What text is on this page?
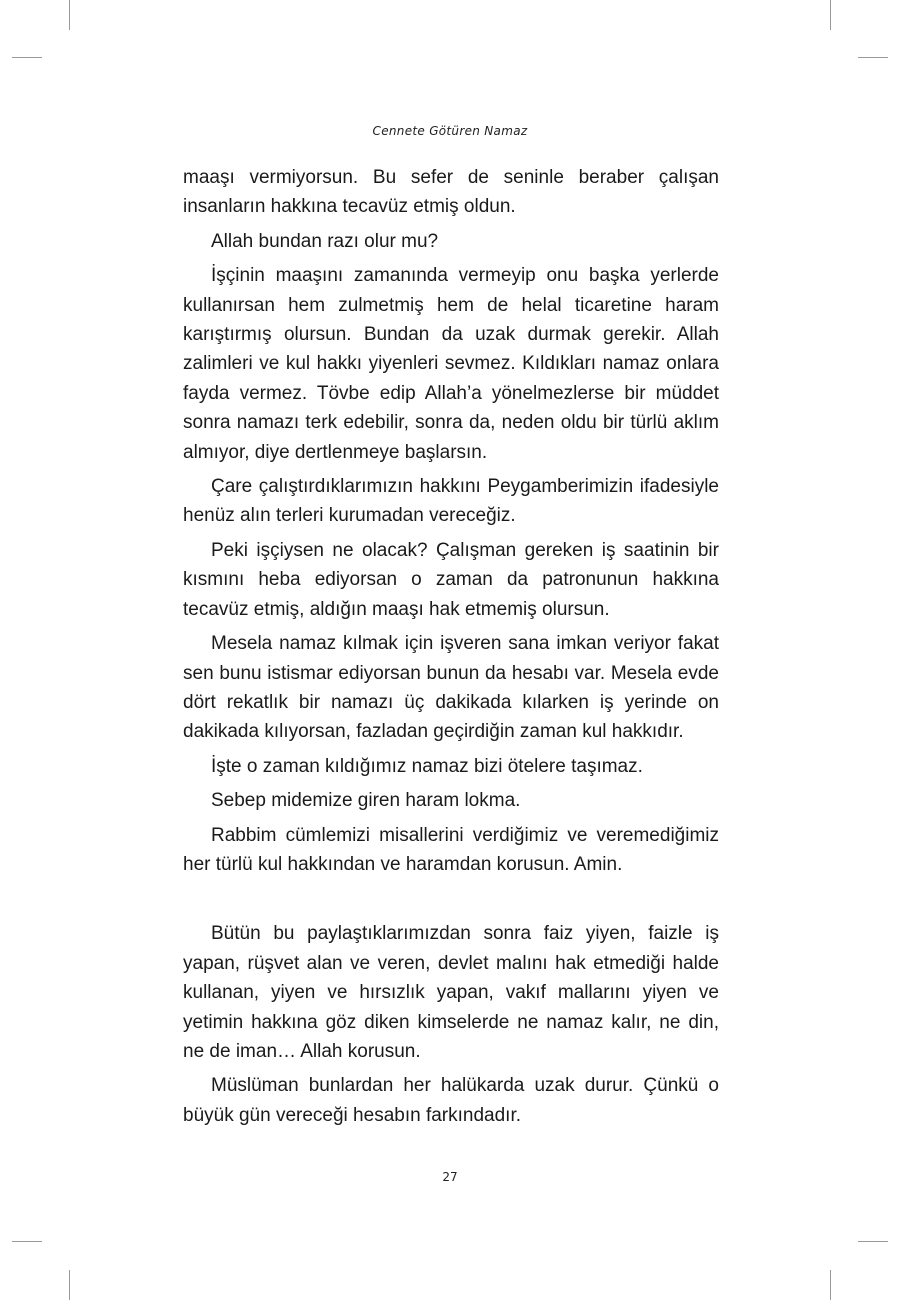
Cennete Götüren Namaz

maaşı vermiyorsun. Bu sefer de seninle beraber çalışan insanların hakkına tecavüz etmiş oldun.

Allah bundan razı olur mu?

İşçinin maaşını zamanında vermeyip onu başka yerlerde kullanırsan hem zulmetmiş hem de helal ticaretine haram karıştırmış olursun. Bundan da uzak durmak gerekir. Allah zalimleri ve kul hakkı yiyenleri sevmez. Kıldıkları namaz onlara fayda vermez. Tövbe edip Allah’a yönelmezlerse bir müddet sonra namazı terk edebilir, sonra da, neden oldu bir türlü aklım almıyor, diye dertlenmeye başlarsın.

Çare çalıştırdıklarımızın hakkını Peygamberimizin ifadesiyle henüz alın terleri kurumadan vereceğiz.

Peki işçiysen ne olacak? Çalışman gereken iş saatinin bir kısmını heba ediyorsan o zaman da patronunun hakkına tecavüz etmiş, aldığın maaşı hak etmemiş olursun.

Mesela namaz kılmak için işveren sana imkan veriyor fakat sen bunu istismar ediyorsan bunun da hesabı var. Mesela evde dört rekatlık bir namazı üç dakikada kılarken iş yerinde on dakikada kılıyorsan, fazladan geçirdiğin zaman kul hakkıdır.

İşte o zaman kıldığımız namaz bizi ötelere taşımaz.

Sebep midemize giren haram lokma.

Rabbim cümlemizi misallerini verdiğimiz ve veremediğimiz her türlü kul hakkından ve haramdan korusun. Amin.

Bütün bu paylaştıklarımızdan sonra faiz yiyen, faizle iş yapan, rüşvet alan ve veren, devlet malını hak etmediği halde kullanan, yiyen ve hırsızlık yapan, vakıf mallarını yiyen ve yetimin hakkına göz diken kimselerde ne namaz kalır, ne din, ne de iman… Allah korusun.

Müslüman bunlardan her halükarda uzak durur. Çünkü o büyük gün vereceği hesabın farkındadır.

27
